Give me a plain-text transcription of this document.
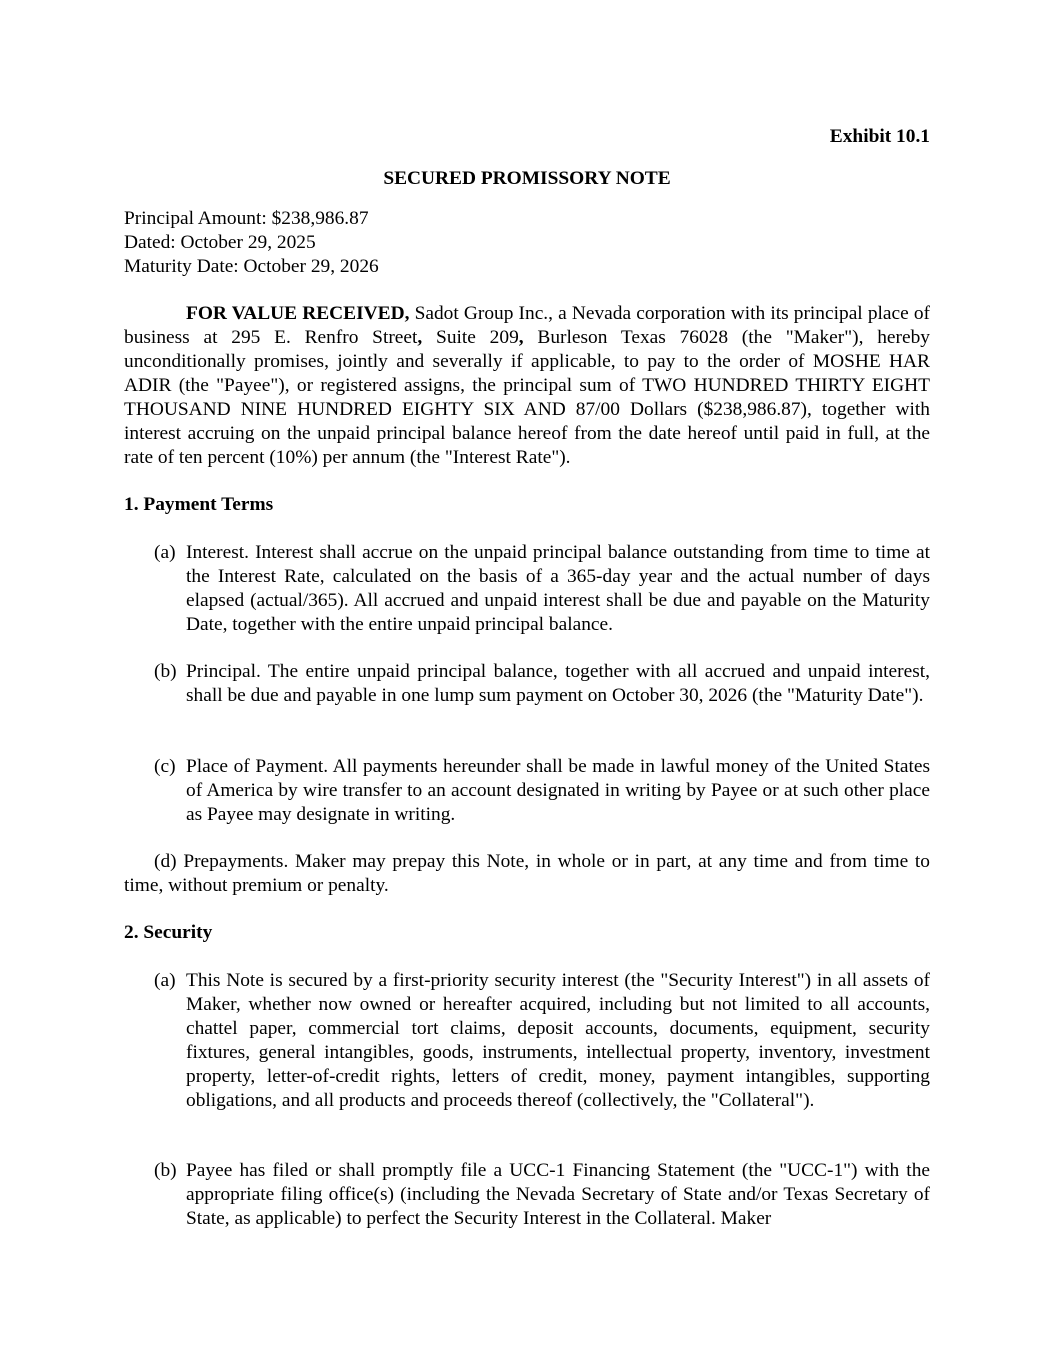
Exhibit 10.1

SECURED PROMISSORY NOTE

Principal Amount: $238,986.87

Dated: October 29, 2025

Maturity Date: October 29, 2026

FOR VALUE RECEIVED, Sadot Group Inc., a Nevada corporation with its principal place of business at 295 E. Renfro Street, Suite 209, Burleson Texas 76028 (the "Maker"), hereby unconditionally promises, jointly and severally if applicable, to pay to the order of MOSHE HAR ADIR (the "Payee"), or registered assigns, the principal sum of TWO HUNDRED THIRTY EIGHT THOUSAND NINE HUNDRED EIGHTY SIX AND 87/00 Dollars ($238,986.87), together with interest accruing on the unpaid principal balance hereof from the date hereof until paid in full, at the rate of ten percent (10%) per annum (the "Interest Rate").

1. Payment Terms

(a) Interest. Interest shall accrue on the unpaid principal balance outstanding from time to time at the Interest Rate, calculated on the basis of a 365-day year and the actual number of days elapsed (actual/365). All accrued and unpaid interest shall be due and payable on the Maturity Date, together with the entire unpaid principal balance.

(b) Principal. The entire unpaid principal balance, together with all accrued and unpaid interest, shall be due and payable in one lump sum payment on October 30, 2026 (the "Maturity Date").

(c) Place of Payment. All payments hereunder shall be made in lawful money of the United States of America by wire transfer to an account designated in writing by Payee or at such other place as Payee may designate in writing.

(d) Prepayments. Maker may prepay this Note, in whole or in part, at any time and from time to time, without premium or penalty.

2. Security

(a) This Note is secured by a first-priority security interest (the "Security Interest") in all assets of Maker, whether now owned or hereafter acquired, including but not limited to all accounts, chattel paper, commercial tort claims, deposit accounts, documents, equipment, security fixtures, general intangibles, goods, instruments, intellectual property, inventory, investment property, letter-of-credit rights, letters of credit, money, payment intangibles, supporting obligations, and all products and proceeds thereof (collectively, the "Collateral").

(b) Payee has filed or shall promptly file a UCC-1 Financing Statement (the "UCC-1") with the appropriate filing office(s) (including the Nevada Secretary of State and/or Texas Secretary of State, as applicable) to perfect the Security Interest in the Collateral. Maker
